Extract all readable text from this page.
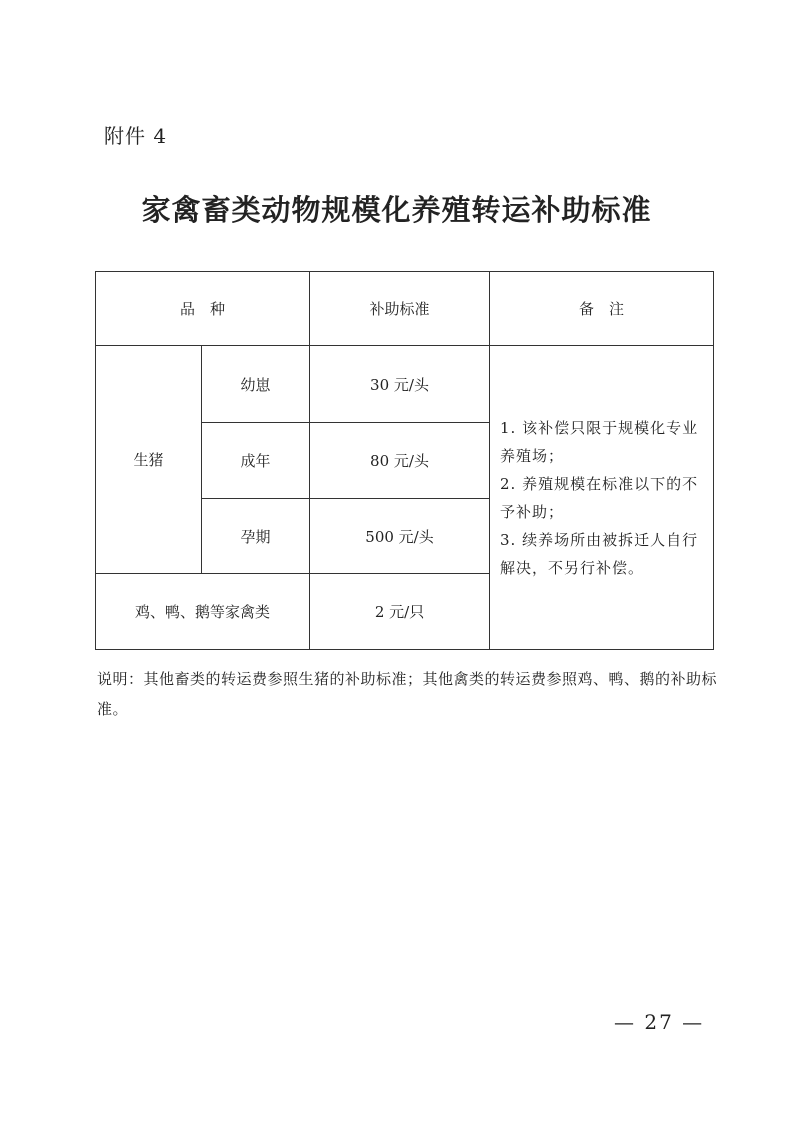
附件 4
家禽畜类动物规模化养殖转运补助标准
品　种		补助标准	备　注
生猪	幼崽	30 元/头	1. 该补偿只限于规模化专业养殖场；
2. 养殖规模在标准以下的不予补助；
3. 续养场所由被拆迁人自行解决，不另行补偿。

	成年	80 元/头	
	孕期	500 元/头	
鸡、鸭、鹅等家禽类		2 元/只	
说明：其他畜类的转运费参照生猪的补助标准；其他禽类的转运费参照鸡、鸭、鹅的补助标准。
— 27 —
